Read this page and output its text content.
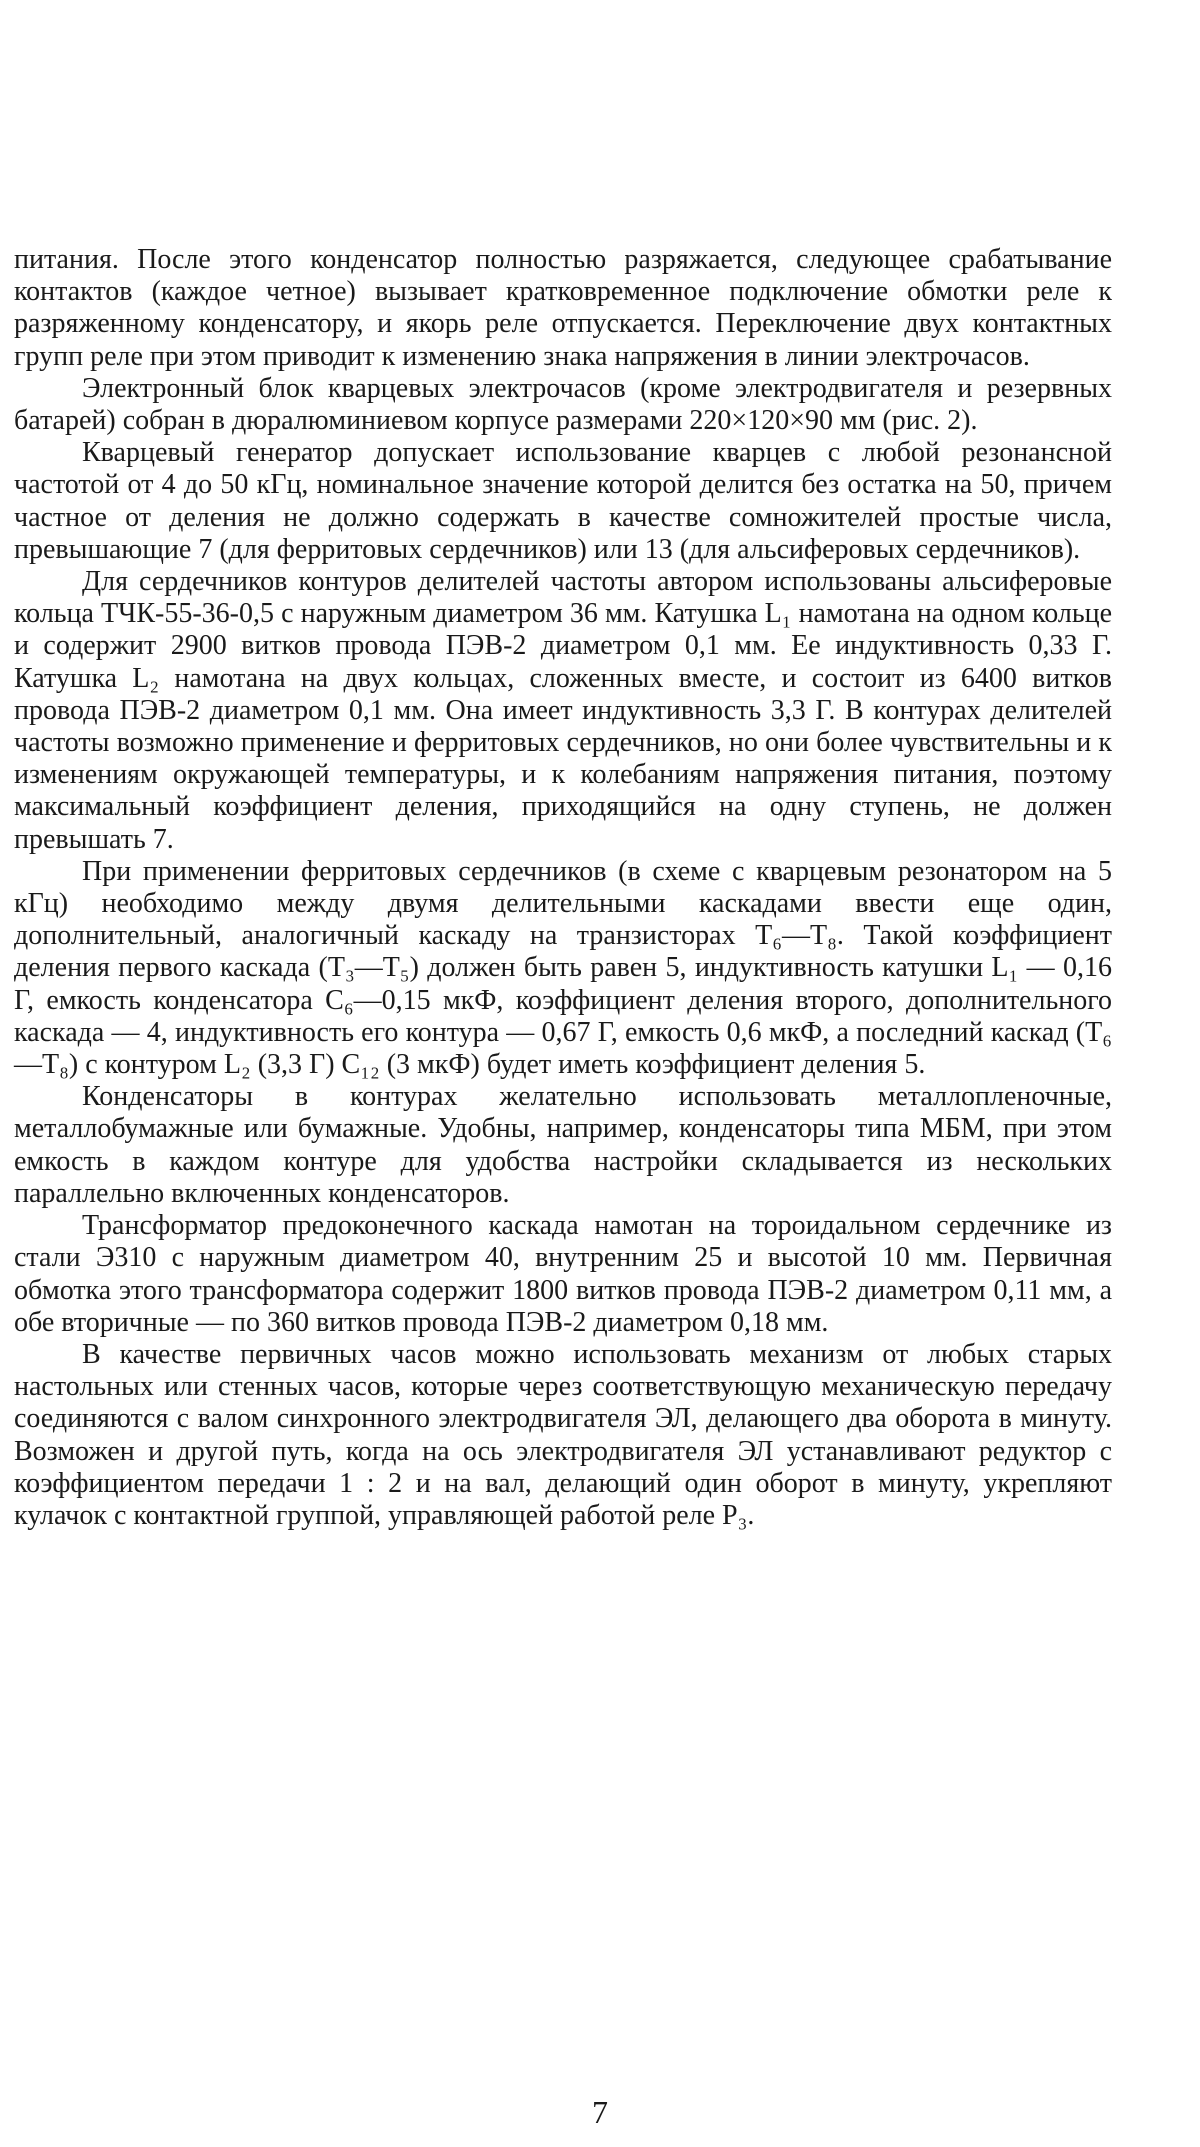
питания. После этого конденсатор полностью разряжается, следующее срабатывание контактов (каждое четное) вызывает кратковременное подключение обмотки реле к разряженному конденсатору, и якорь реле отпускается. Переключение двух контактных групп реле при этом приводит к изменению знака напряжения в линии электрочасов.

Электронный блок кварцевых электрочасов (кроме электродвигателя и резервных батарей) собран в дюралюминиевом корпусе размерами 220×120×90 мм (рис. 2).

Кварцевый генератор допускает использование кварцев с любой резонансной частотой от 4 до 50 кГц, номинальное значение которой делится без остатка на 50, причем частное от деления не должно содержать в качестве сомножителей простые числа, превышающие 7 (для ферритовых сердечников) или 13 (для альсиферовых сердечников).

Для сердечников контуров делителей частоты автором использованы альсиферовые кольца ТЧК-55-36-0,5 с наружным диаметром 36 мм. Катушка L₁ намотана на одном кольце и содержит 2900 витков провода ПЭВ-2 диаметром 0,1 мм. Ее индуктивность 0,33 Г. Катушка L₂ намотана на двух кольцах, сложенных вместе, и состоит из 6400 витков провода ПЭВ-2 диаметром 0,1 мм. Она имеет индуктивность 3,3 Г. В контурах делителей частоты возможно применение и ферритовых сердечников, но они более чувствительны и к изменениям окружающей температуры, и к колебаниям напряжения питания, поэтому максимальный коэффициент деления, приходящийся на одну ступень, не должен превышать 7.

При применении ферритовых сердечников (в схеме с кварцевым резонатором на 5 кГц) необходимо между двумя делительными каскадами ввести еще один, дополнительный, аналогичный каскаду на транзисторах T₆—T₈. Такой коэффициент деления первого каскада (T₃—T₅) должен быть равен 5, индуктивность катушки L₁ — 0,16 Г, емкость конденсатора C₆—0,15 мкФ, коэффициент деления второго, дополнительного каскада — 4, индуктивность его контура — 0,67 Г, емкость 0,6 мкФ, а последний каскад (T₆—T₈) с контуром L₂ (3,3 Г) C₁₂ (3 мкФ) будет иметь коэффициент деления 5.

Конденсаторы в контурах желательно использовать металлопленочные, металлобумажные или бумажные. Удобны, например, конденсаторы типа МБМ, при этом емкость в каждом контуре для удобства настройки складывается из нескольких параллельно включенных конденсаторов.

Трансформатор предоконечного каскада намотан на тороидальном сердечнике из стали Э310 с наружным диаметром 40, внутренним 25 и высотой 10 мм. Первичная обмотка этого трансформатора содержит 1800 витков провода ПЭВ-2 диаметром 0,11 мм, а обе вторичные — по 360 витков провода ПЭВ-2 диаметром 0,18 мм.

В качестве первичных часов можно использовать механизм от любых старых настольных или стенных часов, которые через соответствующую механическую передачу соединяются с валом синхронного электродвигателя ЭЛ, делающего два оборота в минуту. Возможен и другой путь, когда на ось электродвигателя ЭЛ устанавливают редуктор с коэффициентом передачи 1 : 2 и на вал, делающий один оборот в минуту, укрепляют кулачок с контактной группой, управляющей работой реле P₃.

7
